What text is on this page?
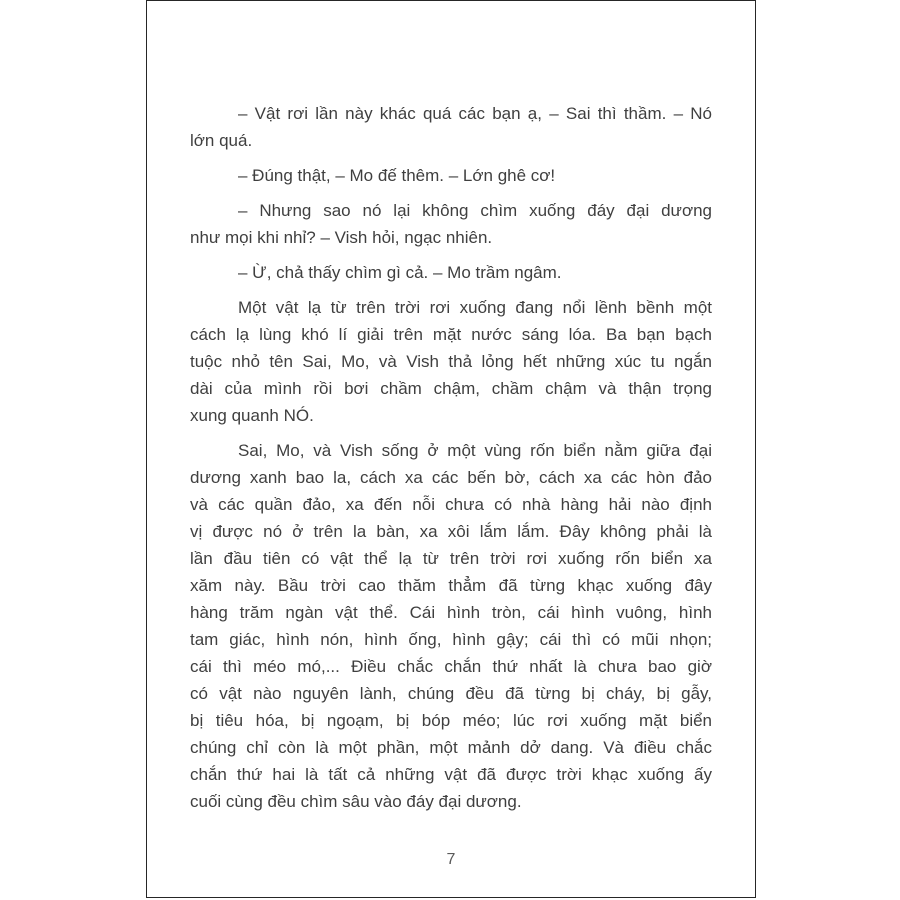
– Vật rơi lần này khác quá các bạn ạ, – Sai thì thầm. – Nó
lớn quá.
– Đúng thật, – Mo đế thêm. – Lớn ghê cơ!
– Nhưng sao nó lại không chìm xuống đáy đại dương
như mọi khi nhỉ? – Vish hỏi, ngạc nhiên.
– Ừ, chả thấy chìm gì cả. – Mo trầm ngâm.
Một vật lạ từ trên trời rơi xuống đang nổi lềnh bềnh một
cách lạ lùng khó lí giải trên mặt nước sáng lóa. Ba bạn bạch
tuộc nhỏ tên Sai, Mo, và Vish thả lỏng hết những xúc tu ngắn
dài của mình rồi bơi chầm chậm, chầm chậm và thận trọng
xung quanh NÓ.
Sai, Mo, và Vish sống ở một vùng rốn biển nằm giữa đại
dương xanh bao la, cách xa các bến bờ, cách xa các hòn đảo
và các quần đảo, xa đến nỗi chưa có nhà hàng hải nào định
vị được nó ở trên la bàn, xa xôi lắm lắm. Đây không phải là
lần đầu tiên có vật thể lạ từ trên trời rơi xuống rốn biển xa
xăm này. Bầu trời cao thăm thẳm đã từng khạc xuống đây
hàng trăm ngàn vật thể. Cái hình tròn, cái hình vuông, hình
tam giác, hình nón, hình ống, hình gậy; cái thì có mũi nhọn;
cái thì méo mó,... Điều chắc chắn thứ nhất là chưa bao giờ
có vật nào nguyên lành, chúng đều đã từng bị cháy, bị gẫy,
bị tiêu hóa, bị ngoạm, bị bóp méo; lúc rơi xuống mặt biển
chúng chỉ còn là một phần, một mảnh dở dang. Và điều chắc
chắn thứ hai là tất cả những vật đã được trời khạc xuống ấy
cuối cùng đều chìm sâu vào đáy đại dương.
7
